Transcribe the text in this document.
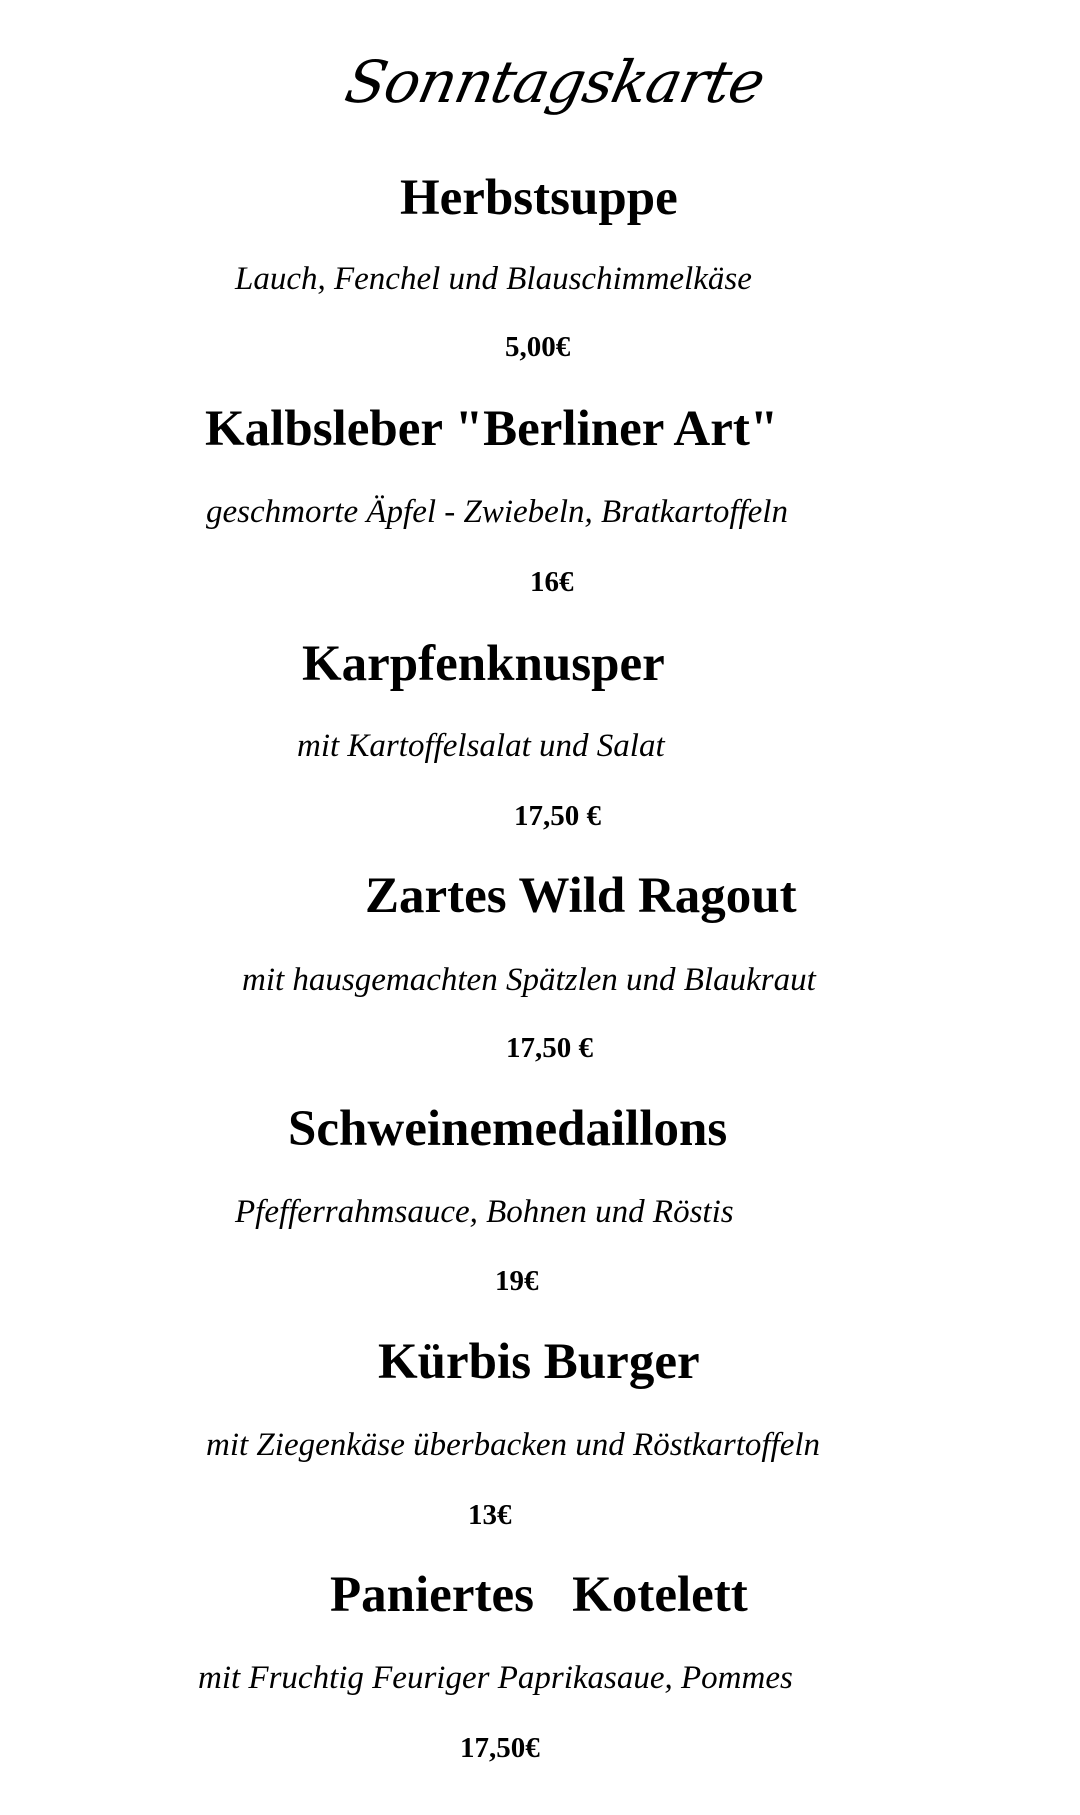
Sonntagskarte
Herbstsuppe
Lauch, Fenchel und Blauschimmelkäse
5,00€
Kalbsleber "Berliner Art"
geschmorte Äpfel - Zwiebeln, Bratkartoffeln
16€
Karpfenknusper
mit Kartoffelsalat und Salat
17,50 €
Zartes Wild Ragout
mit hausgemachten Spätzlen und Blaukraut
17,50 €
Schweinemedaillons
Pfefferrahmsauce, Bohnen und Röstis
19€
Kürbis Burger
mit Ziegenkäse überbacken und Röstkartoffeln
13€
Paniertes   Kotelett
mit Fruchtig Feuriger Paprikasaue, Pommes
17,50€
